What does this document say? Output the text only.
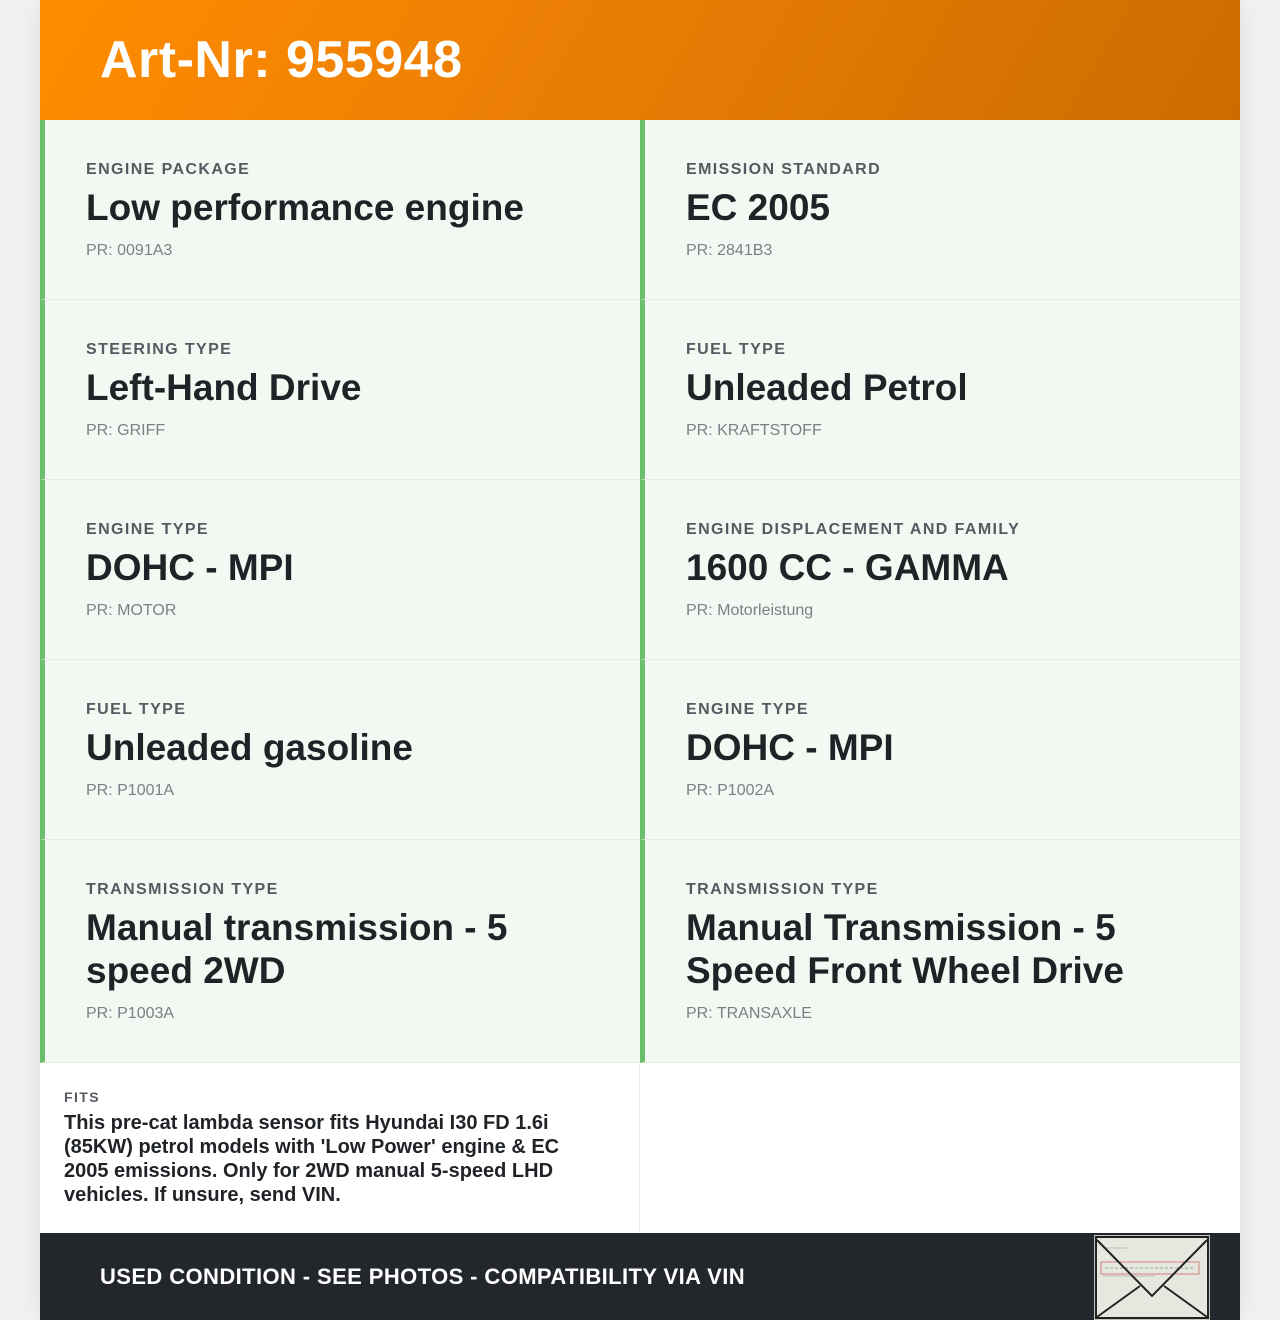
Art-Nr: 955948
ENGINE PACKAGE
Low performance engine
PR: 0091A3
EMISSION STANDARD
EC 2005
PR: 2841B3
STEERING TYPE
Left-Hand Drive
PR: GRIFF
FUEL TYPE
Unleaded Petrol
PR: KRAFTSTOFF
ENGINE TYPE
DOHC - MPI
PR: MOTOR
ENGINE DISPLACEMENT AND FAMILY
1600 CC - GAMMA
PR: Motorleistung
FUEL TYPE
Unleaded gasoline
PR: P1001A
ENGINE TYPE
DOHC - MPI
PR: P1002A
TRANSMISSION TYPE
Manual transmission - 5 speed 2WD
PR: P1003A
TRANSMISSION TYPE
Manual Transmission - 5 Speed Front Wheel Drive
PR: TRANSAXLE
FITS
This pre-cat lambda sensor fits Hyundai I30 FD 1.6i (85KW) petrol models with 'Low Power' engine & EC 2005 emissions. Only for 2WD manual 5-speed LHD vehicles. If unsure, send VIN.
USED CONDITION - SEE PHOTOS - COMPATIBILITY VIA VIN
